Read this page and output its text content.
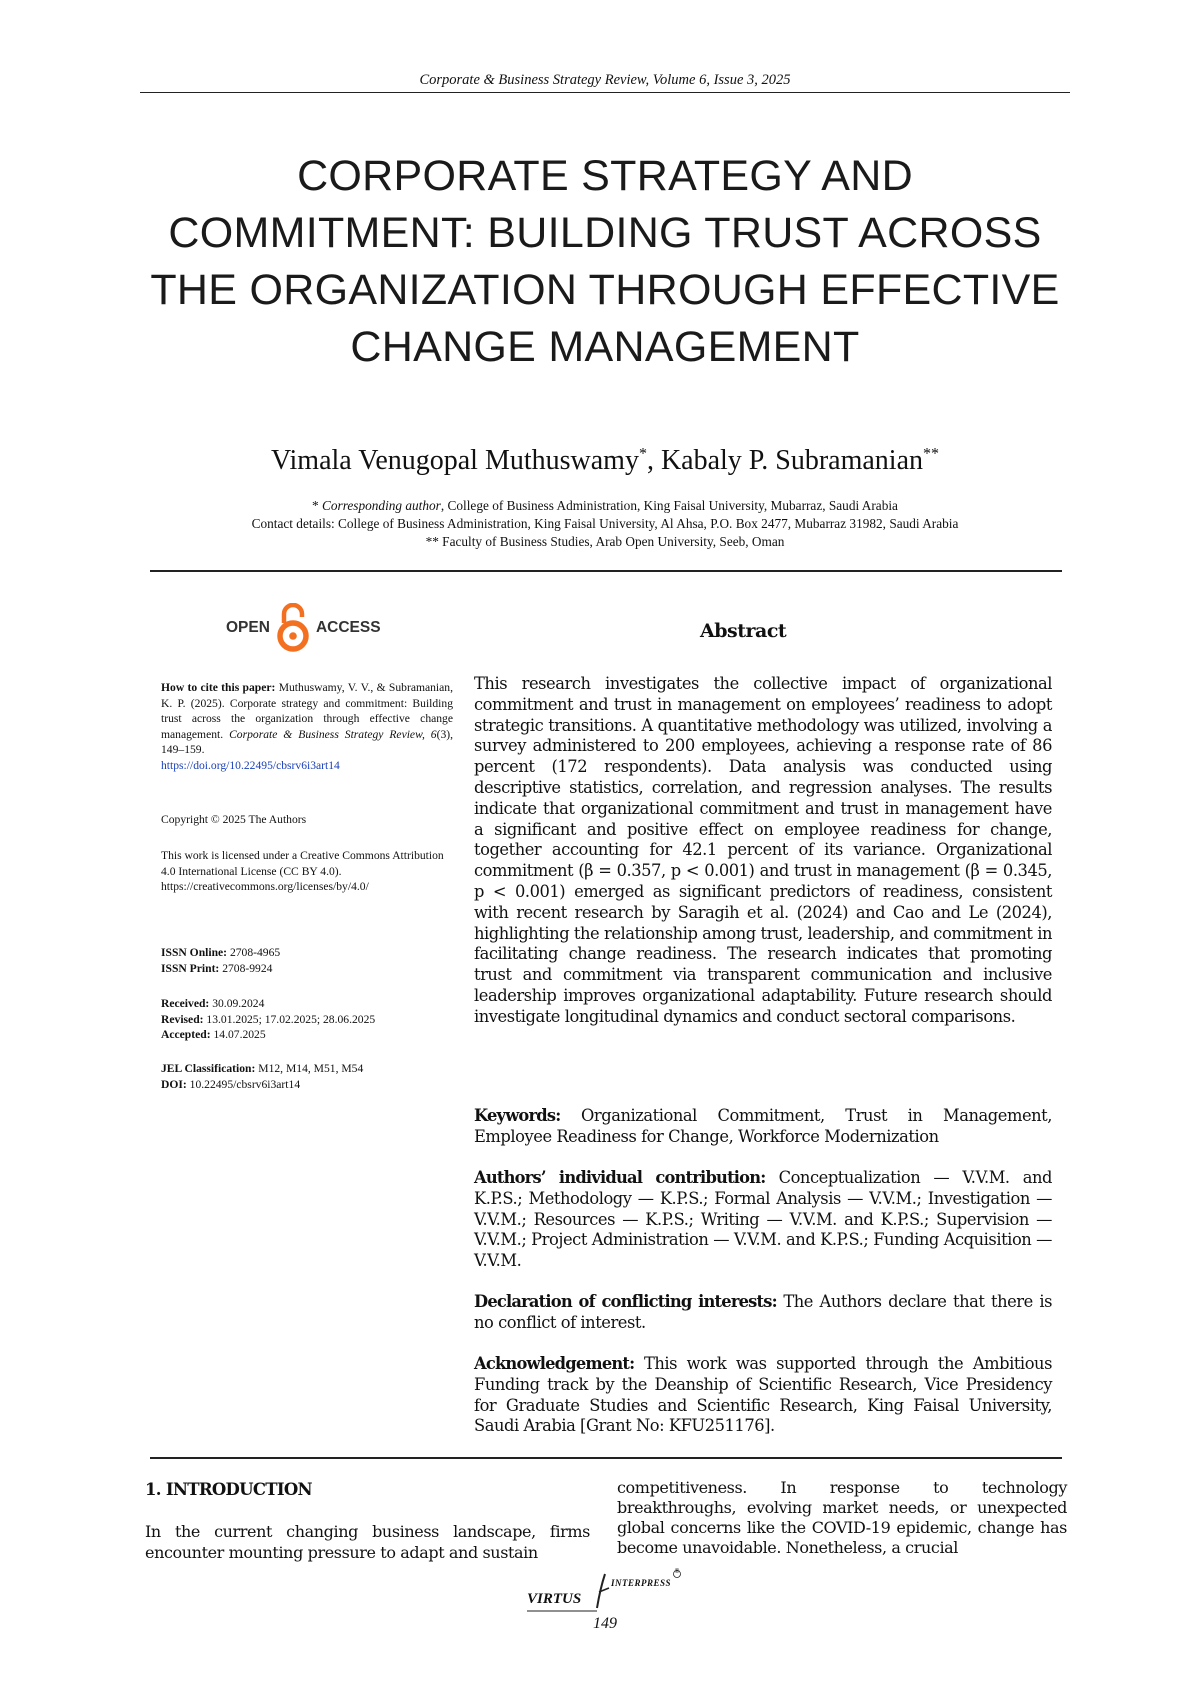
Corporate & Business Strategy Review, Volume 6, Issue 3, 2025
CORPORATE STRATEGY AND COMMITMENT: BUILDING TRUST ACROSS THE ORGANIZATION THROUGH EFFECTIVE CHANGE MANAGEMENT
Vimala Venugopal Muthuswamy*, Kabaly P. Subramanian**
* Corresponding author, College of Business Administration, King Faisal University, Mubarraz, Saudi Arabia
Contact details: College of Business Administration, King Faisal University, Al Ahsa, P.O. Box 2477, Mubarraz 31982, Saudi Arabia
** Faculty of Business Studies, Arab Open University, Seeb, Oman
OPEN	ACCESS
How to cite this paper: Muthuswamy, V. V., & Subramanian, K. P. (2025). Corporate strategy and commitment: Building trust across the organization through effective change management. Corporate & Business Strategy Review, 6(3), 149–159.
https://doi.org/10.22495/cbsrv6i3art14
Copyright © 2025 The Authors
This work is licensed under a Creative Commons Attribution 4.0 International License (CC BY 4.0).
https://creativecommons.org/licenses/by/4.0/
ISSN Online: 2708-4965
ISSN Print: 2708-9924
Received: 30.09.2024
Revised: 13.01.2025; 17.02.2025; 28.06.2025
Accepted: 14.07.2025
JEL Classification: M12, M14, M51, M54
DOI: 10.22495/cbsrv6i3art14
Abstract
This research investigates the collective impact of organizational commitment and trust in management on employees’ readiness to adopt strategic transitions. A quantitative methodology was utilized, involving a survey administered to 200 employees, achieving a response rate of 86 percent (172 respondents). Data analysis was conducted using descriptive statistics, correlation, and regression analyses. The results indicate that organizational commitment and trust in management have a significant and positive effect on employee readiness for change, together accounting for 42.1 percent of its variance. Organizational commitment (β = 0.357, p < 0.001) and trust in management (β = 0.345, p < 0.001) emerged as significant predictors of readiness, consistent with recent research by Saragih et al. (2024) and Cao and Le (2024), highlighting the relationship among trust, leadership, and commitment in facilitating change readiness. The research indicates that promoting trust and commitment via transparent communication and inclusive leadership improves organizational adaptability. Future research should investigate longitudinal dynamics and conduct sectoral comparisons.
Keywords: Organizational Commitment, Trust in Management, Employee Readiness for Change, Workforce Modernization
Authors’ individual contribution: Conceptualization — V.V.M. and K.P.S.; Methodology — K.P.S.; Formal Analysis — V.V.M.; Investigation — V.V.M.; Resources — K.P.S.; Writing — V.V.M. and K.P.S.; Supervision — V.V.M.; Project Administration — V.V.M. and K.P.S.; Funding Acquisition — V.V.M.
Declaration of conflicting interests: The Authors declare that there is no conflict of interest.
Acknowledgement: This work was supported through the Ambitious Funding track by the Deanship of Scientific Research, Vice Presidency for Graduate Studies and Scientific Research, King Faisal University, Saudi Arabia [Grant No: KFU251176].
1. INTRODUCTION
In the current changing business landscape, firms encounter mounting pressure to adapt and sustain
competitiveness. In response to technology breakthroughs, evolving market needs, or unexpected global concerns like the COVID-19 epidemic, change has become unavoidable. Nonetheless, a crucial
VIRTUS
INTERPRESS
®
149
